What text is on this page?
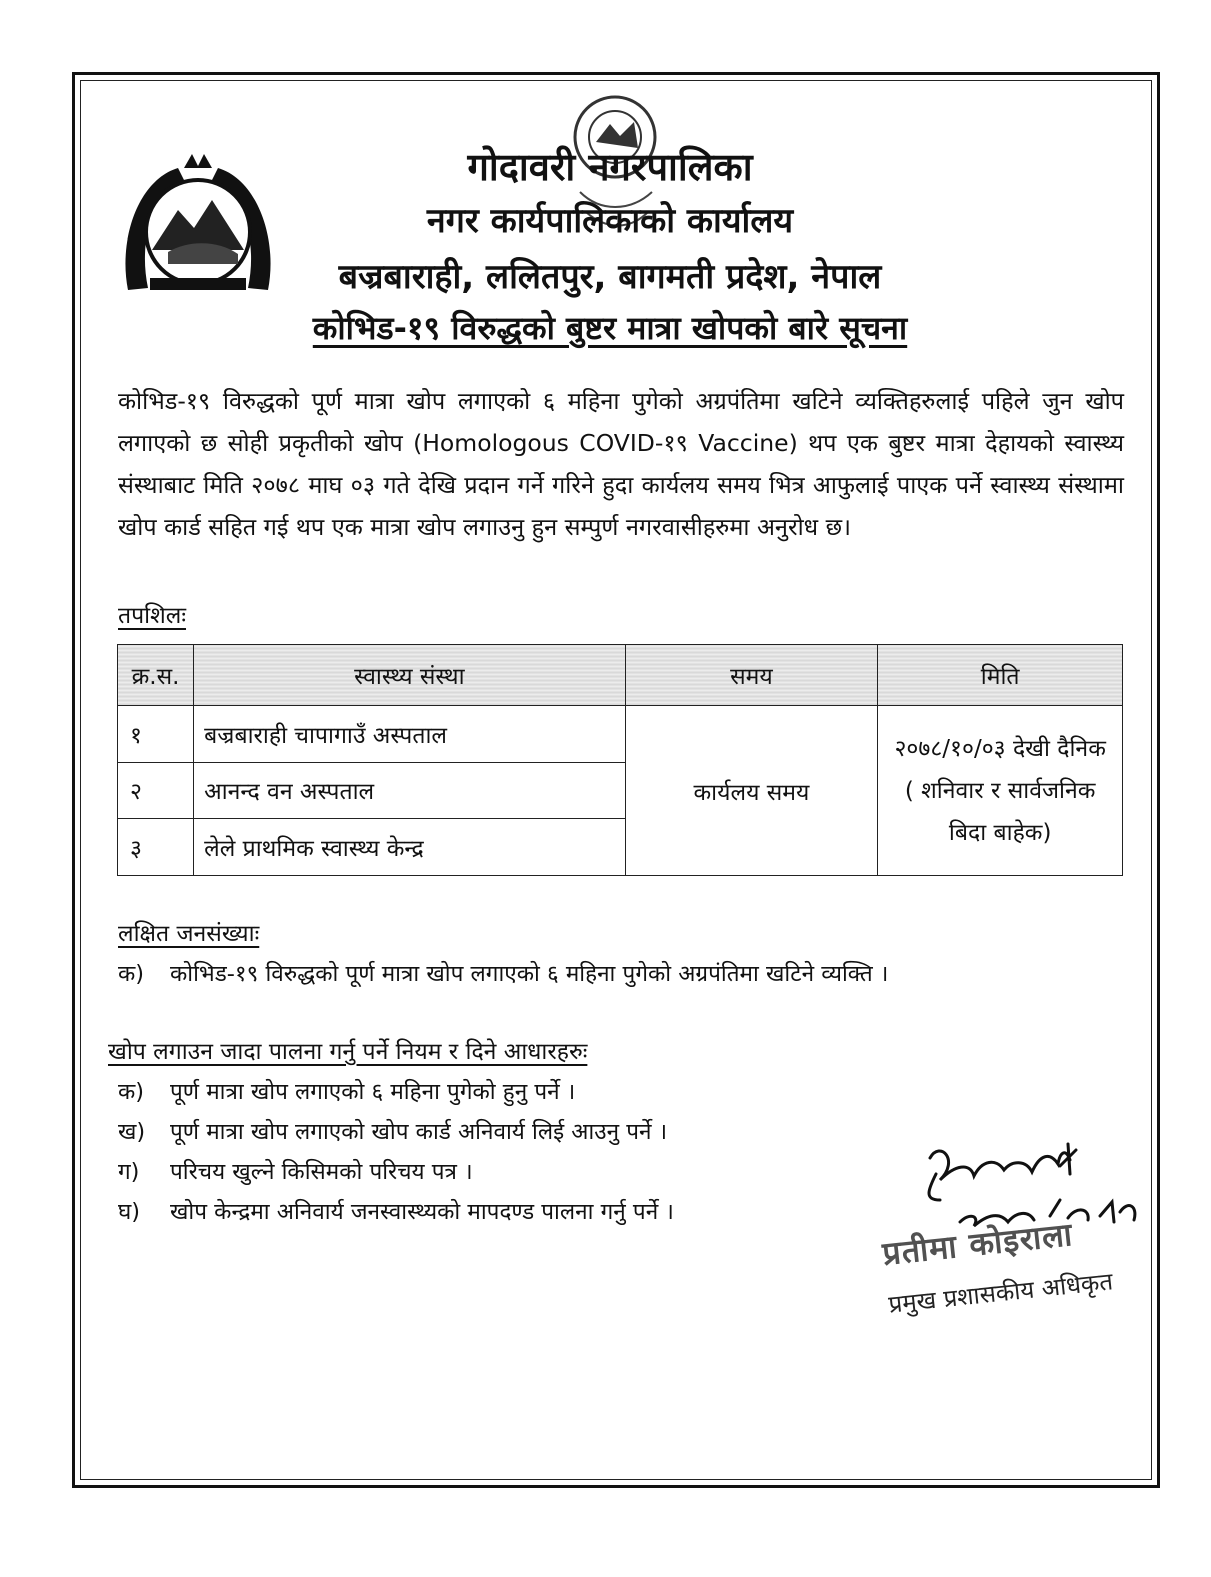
गोदावरी नगरपालिका
नगर कार्यपालिकाको कार्यालय
बज्रबाराही, ललितपुर, बागमती प्रदेश, नेपाल
कोभिड-१९ विरुद्धको बुष्टर मात्रा खोपको बारे सूचना
कोभिड-१९ विरुद्धको पूर्ण मात्रा खोप लगाएको ६ महिना पुगेको अग्रपंतिमा खटिने व्यक्तिहरुलाई पहिले जुन खोप लगाएको छ सोही प्रकृतीको खोप (Homologous COVID-१९ Vaccine) थप एक बुष्टर मात्रा देहायको स्वास्थ्य संस्थाबाट मिति २०७८ माघ ०३ गते देखि प्रदान गर्ने गरिने हुदा कार्यलय समय भित्र आफुलाई पाएक पर्ने स्वास्थ्य संस्थामा खोप कार्ड सहित गई थप एक मात्रा खोप लगाउनु हुन सम्पुर्ण नगरवासीहरुमा अनुरोध छ।
तपशिलः
क्र.स.	स्वास्थ्य संस्था	समय	मिति
१	बज्रबाराही चापागाउँ अस्पताल	कार्यलय समय	२०७८/१०/०३ देखी दैनिक ( शनिवार र सार्वजनिक बिदा बाहेक)
२	आनन्द वन अस्पताल		
३	लेले प्राथमिक स्वास्थ्य केन्द्र		
लक्षित जनसंख्याः
क) कोभिड-१९ विरुद्धको पूर्ण मात्रा खोप लगाएको ६ महिना पुगेको अग्रपंतिमा खटिने व्यक्ति ।
खोप लगाउन जादा पालना गर्नु पर्ने नियम र दिने आधारहरुः
क) पूर्ण मात्रा खोप लगाएको ६ महिना पुगेको हुनु पर्ने ।
ख) पूर्ण मात्रा खोप लगाएको खोप कार्ड अनिवार्य लिई आउनु पर्ने ।
ग) परिचय खुल्ने किसिमको परिचय पत्र ।
घ) खोप केन्द्रमा अनिवार्य जनस्वास्थ्यको मापदण्ड पालना गर्नु पर्ने ।
प्रतीमा कोइराला
प्रमुख प्रशासकीय अधिकृत
